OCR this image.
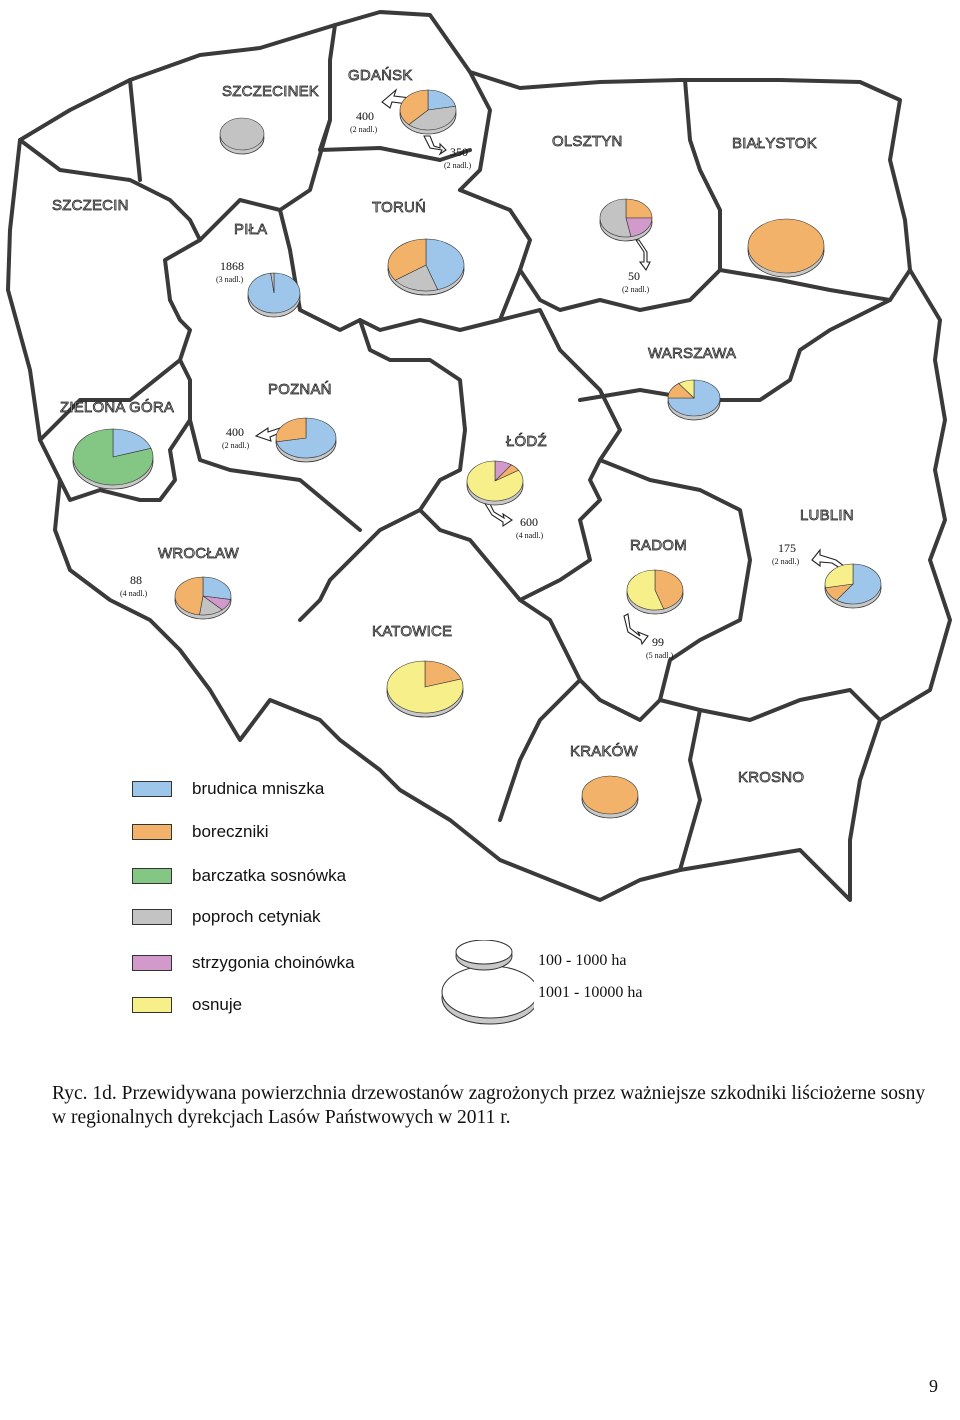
SZCZECINEK
GDAŃSK
OLSZTYN	BIAŁYSTOK
SZCZECIN
PIŁA
TORUŃ
WARSZAWA
ZIELONA GÓRA
POZNAŃ
ŁÓDŹ
WROCŁAW	RADOM
LUBLIN
KATOWICE
KRAKÓW
KROSNO
400
(2 nadl.)
350
(2 nadl.)
50
(2 nadl.)
1868
(3 nadl.)
400
(2 nadl.)
600
(4 nadl.)
88
(4 nadl.)
99
(5 nadl.)
175
(2 nadl.)
brudnica mniszka
boreczniki
barczatka sosnówka
poproch cetyniak
strzygonia choinówka
osnuje
100 - 1000 ha
1001 - 10000 ha

Ryc. 1d. Przewidywana powierzchnia drzewostanów zagrożonych przez ważniejsze szkodniki liściożerne sosny w regionalnych dyrekcjach Lasów Państwowych w 2011 r.

9
